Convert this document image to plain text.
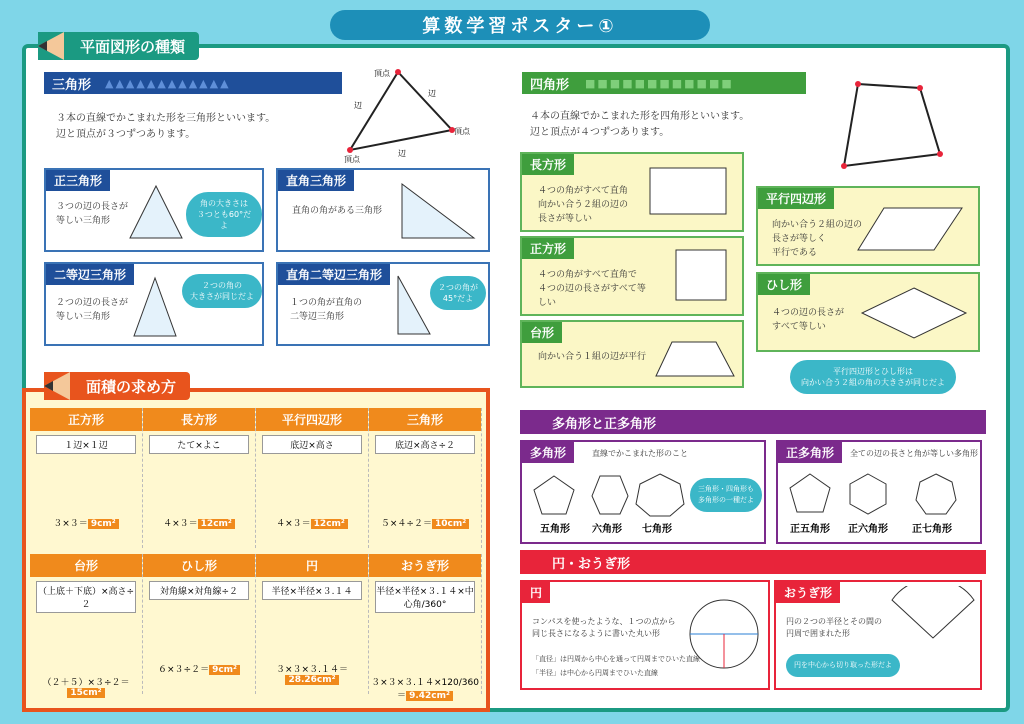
算数学習ポスター①
平面図形の種類
三角形 ▲▲▲▲▲▲▲▲▲▲▲▲
３本の直線でかこまれた形を三角形といいます。
辺と頂点が３つずつあります。
頂点
頂点
頂点
辺
辺
辺
正三角形
３つの辺の長さが
等しい三角形
角の大きさは
３つとも60°だよ
直角三角形
直角の角がある三角形
二等辺三角形
２つの辺の長さが
等しい三角形
２つの角の
大きさが同じだよ
直角二等辺三角形
１つの角が直角の
二等辺三角形
２つの角が
45°だよ
四角形 ■■■■■■■■■■■■
４本の直線でかこまれた形を四角形といいます。
辺と頂点が４つずつあります。
長方形
４つの角がすべて直角
向かい合う２組の辺の
長さが等しい
正方形
４つの角がすべて直角で
４つの辺の長さがすべて等しい
台形
向かい合う１組の辺が平行
平行四辺形
向かい合う２組の辺の
長さが等しく
平行である
ひし形
４つの辺の長さが
すべて等しい
平行四辺形とひし形は
向かい合う２組の角の大きさが同じだよ
面積の求め方
正方形
１辺×１辺
３×３＝ 9cm²
長方形
たて×よこ
４×３＝ 12cm²
平行四辺形
底辺×高さ
４×３＝ 12cm²
三角形
底辺×高さ÷２
５×４÷２＝ 10cm²
台形
（上底＋下底）×高さ÷２
（２＋５）×３÷２＝15cm²
ひし形
対角線×対角線÷２
６×３÷２＝ 9cm²
円
半径×半径×３.１４
３×３×３.１４＝28.26cm²
おうぎ形
半径×半径×３.１４×中心角/360°
３×３×３.１４×120/360＝ 9.42cm²
多角形と正多角形
多角形	直線でかこまれた形のこと
五角形 六角形 七角形
三角形・四角形も
多角形の一種だよ
正多角形 全ての辺の長さと角が等しい多角形
正五角形 正六角形 正七角形
円・おうぎ形
円
コンパスを使ったような、１つの点から
同じ長さになるように書いた丸い形
「直径」は円周から中心を通って円周までひいた直線
「半径」は中心から円周までひいた直線
おうぎ形
円の２つの半径とその間の
円周で囲まれた形
円を中心から切り取った形だよ
